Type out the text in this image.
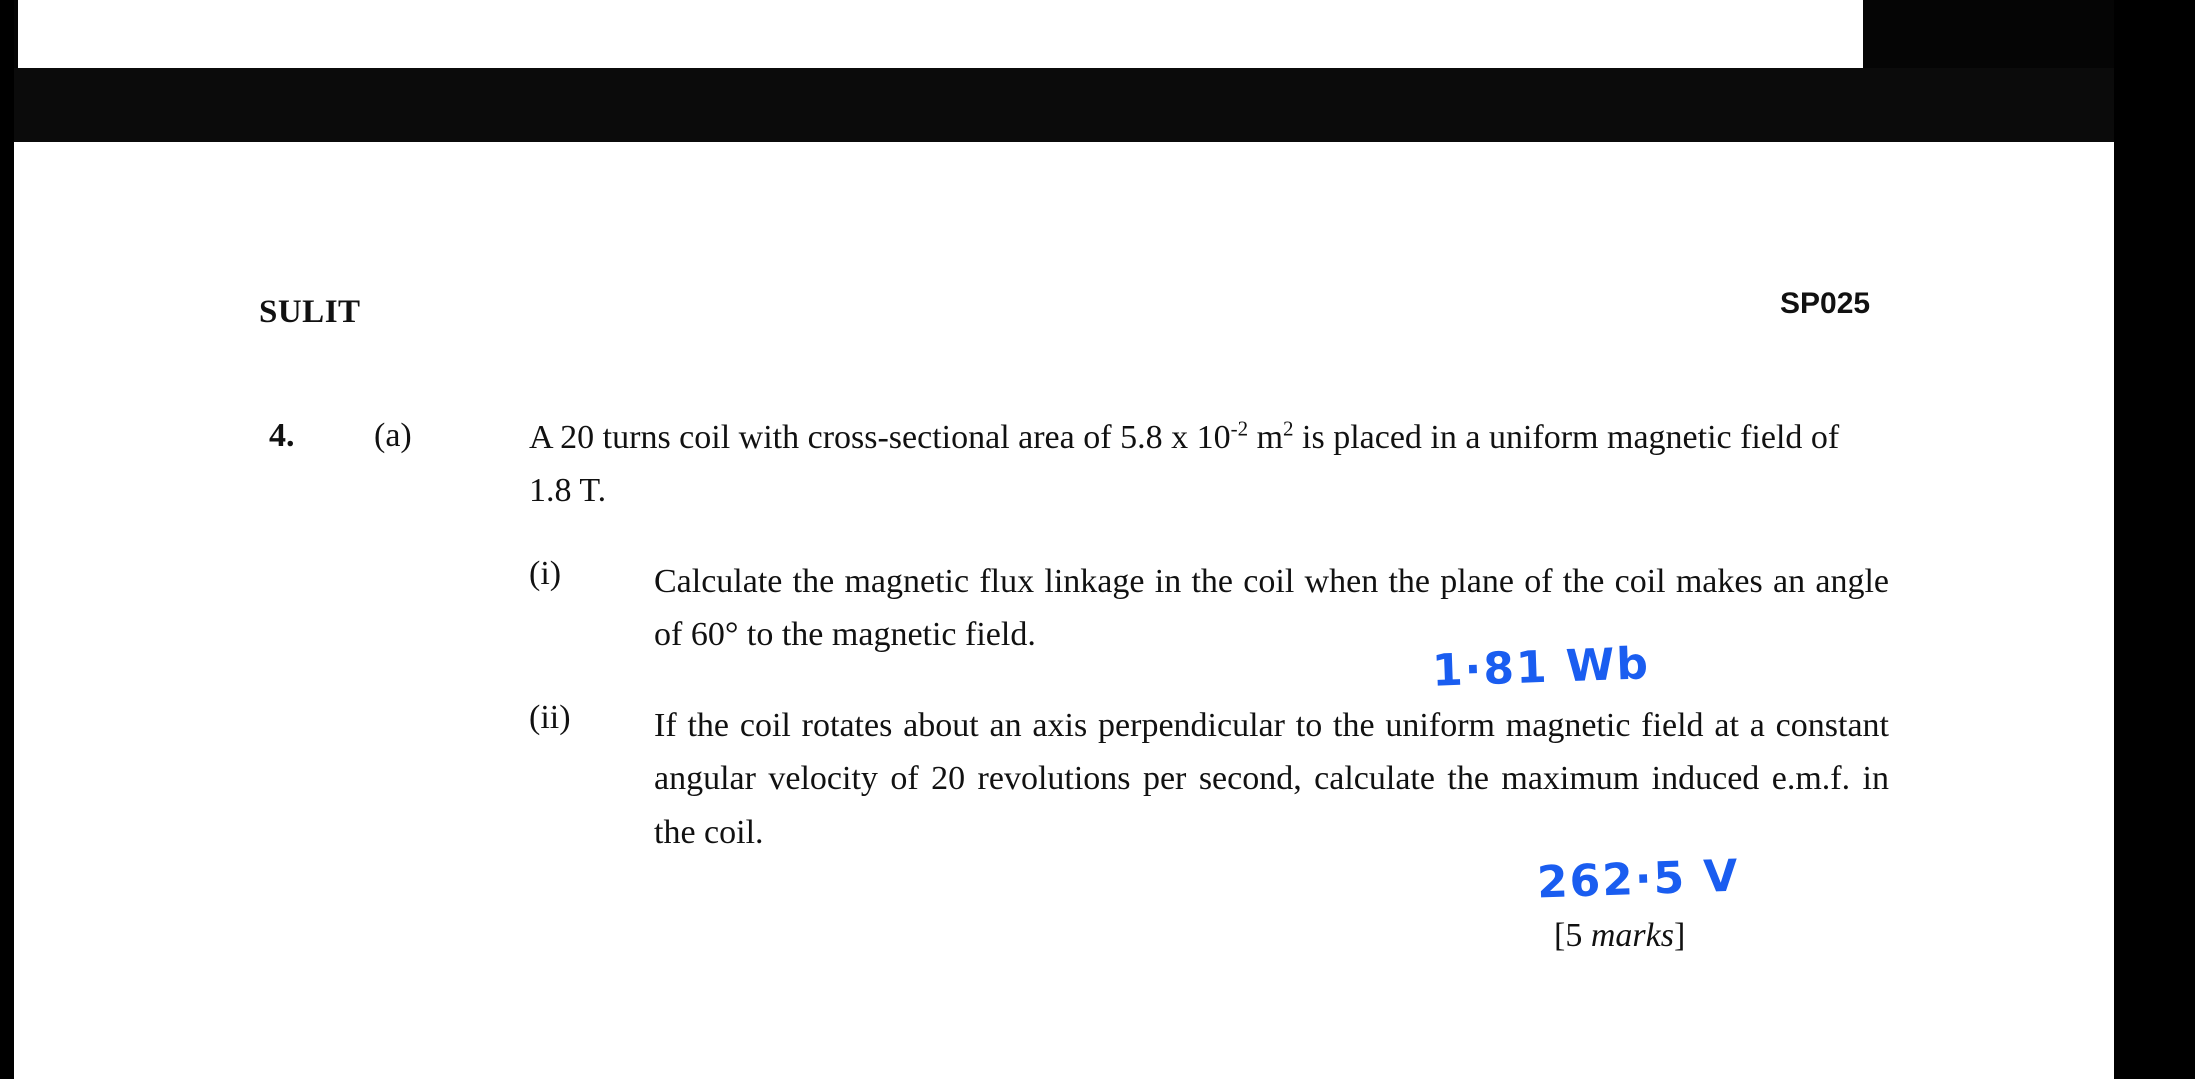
SULIT	SP025
4. (a)	A 20 turns coil with cross-sectional area of 5.8 x $10^{-2}$ $m^2$ is placed in a uniform magnetic field of 1.8 T.
(i)	Calculate the magnetic flux linkage in the coil when the plane of the coil makes an angle of 60° to the magnetic field.
(ii) If the coil rotates about an axis perpendicular to the uniform magnetic field at a constant angular velocity of 20 revolutions per second, calculate the maximum induced e.m.f. in the coil.
[5 marks]
1·81 Wb
262·5 V
